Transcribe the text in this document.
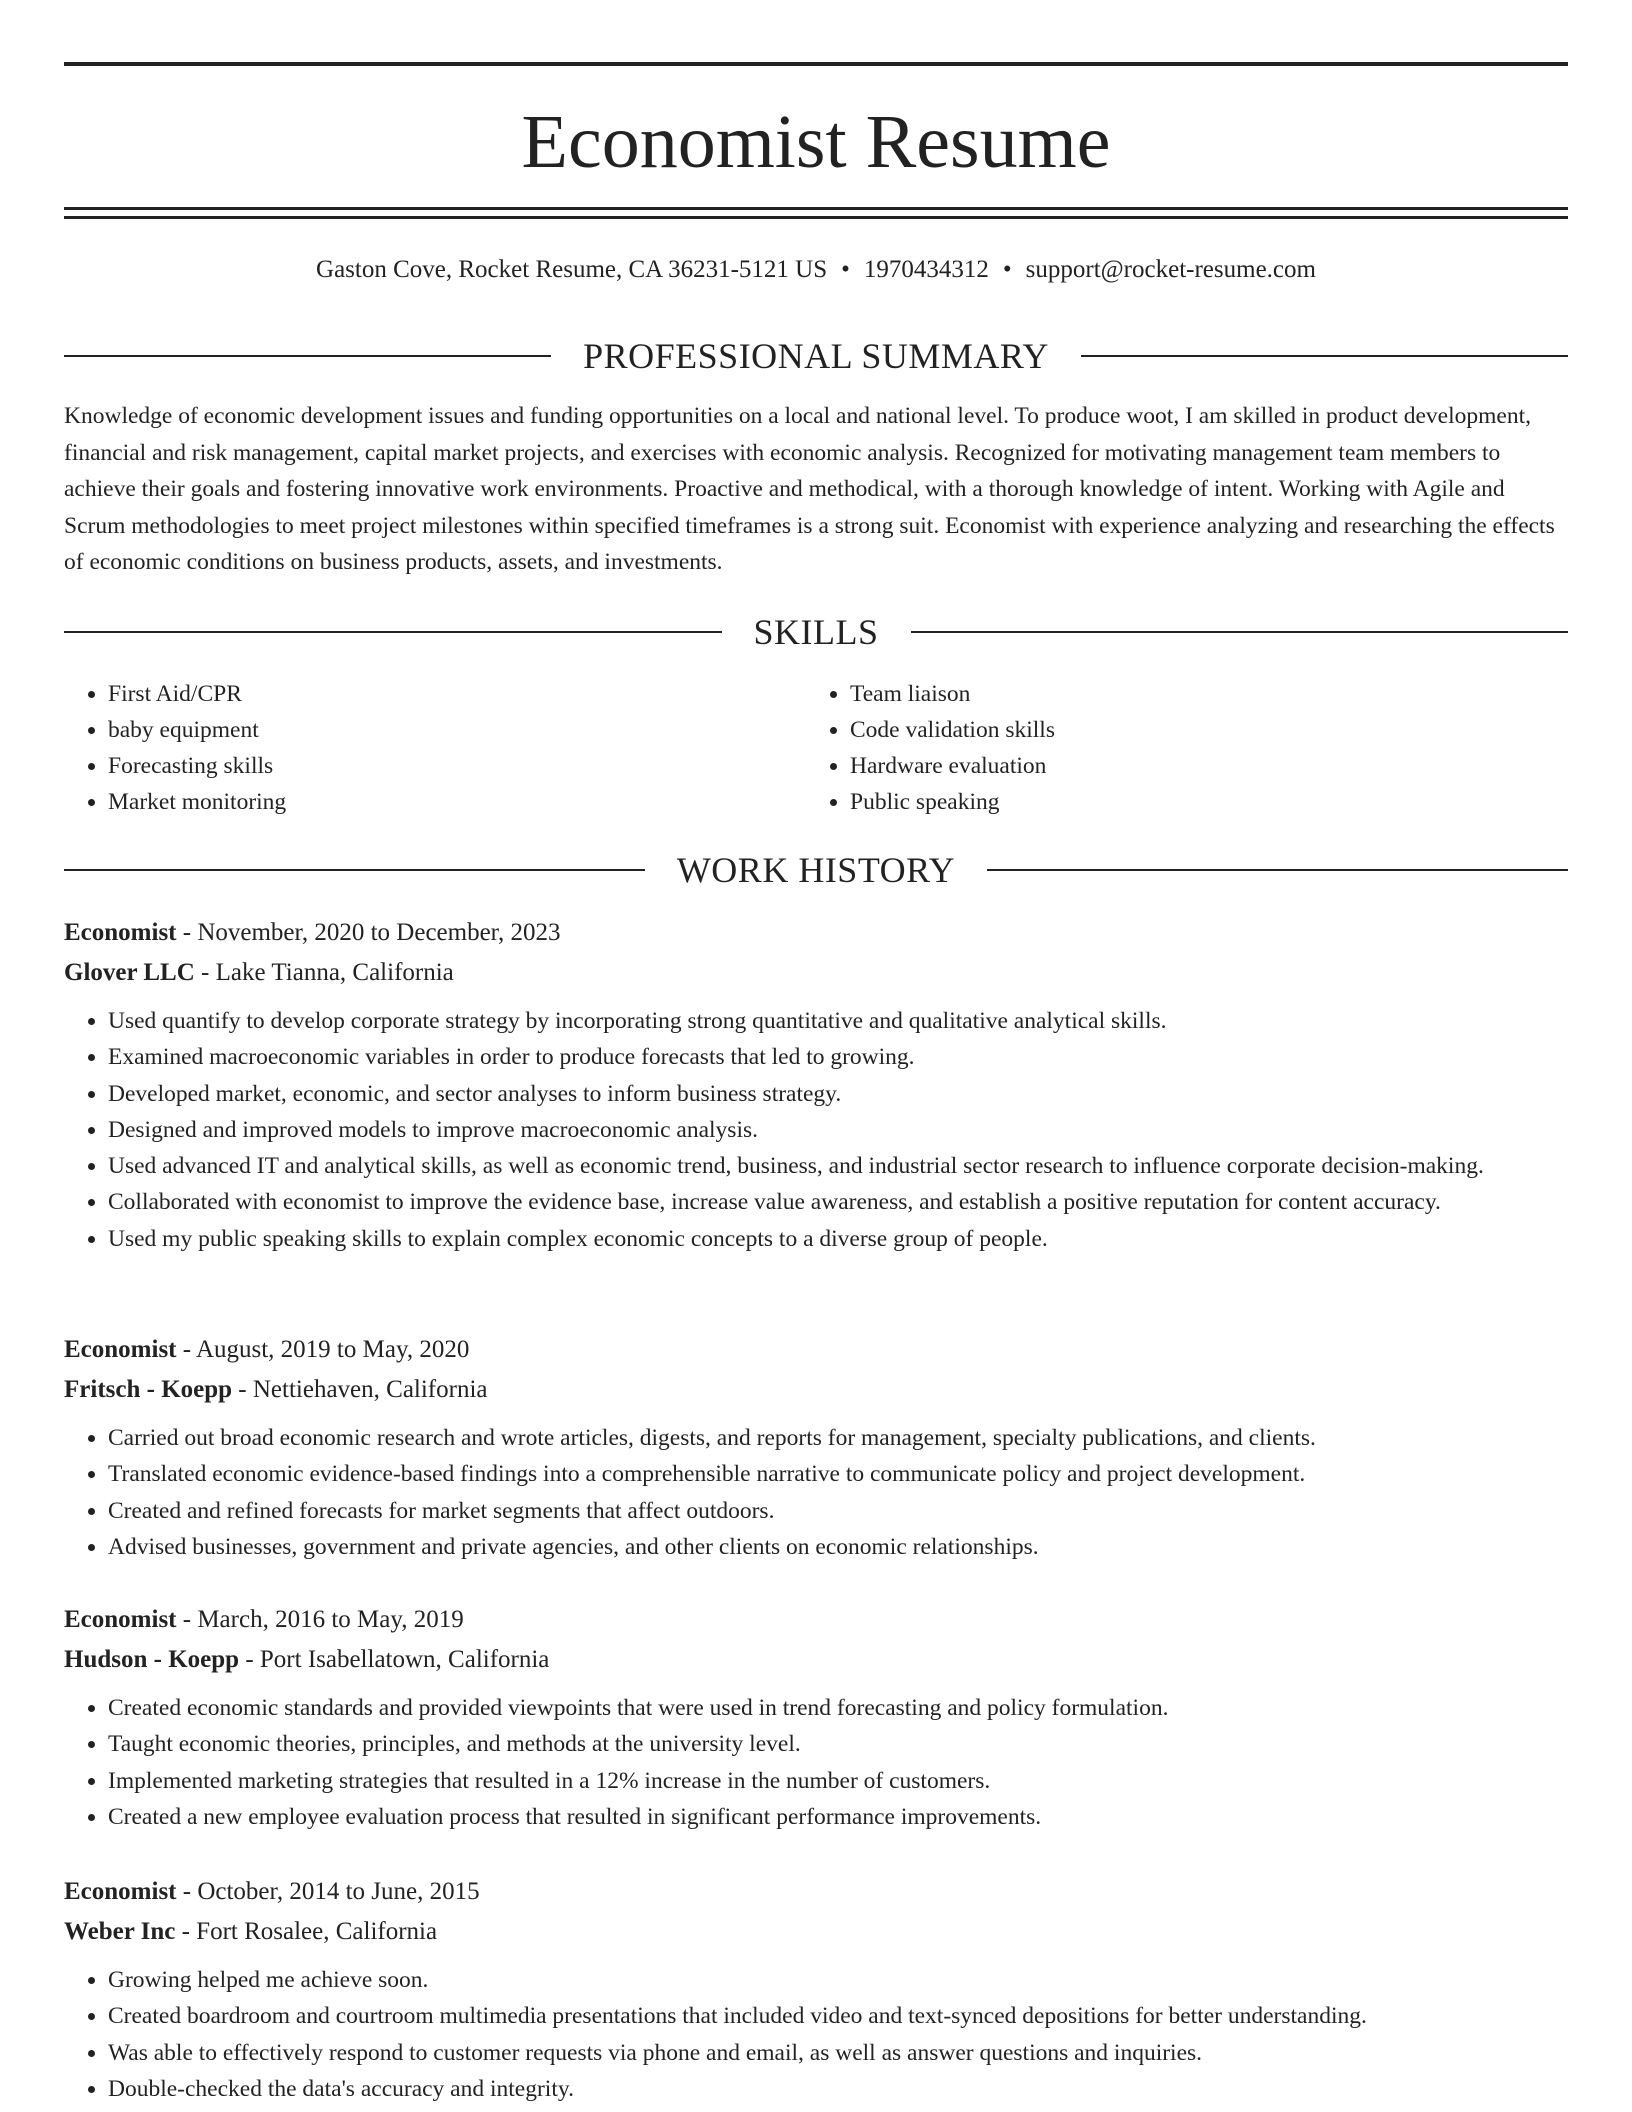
Economist Resume
Gaston Cove, Rocket Resume, CA 36231-5121 US • 1970434312 • support@rocket-resume.com
PROFESSIONAL SUMMARY

Knowledge of economic development issues and funding opportunities on a local and national level. To produce woot, I am skilled in product development, financial and risk management, capital market projects, and exercises with economic analysis. Recognized for motivating management team members to achieve their goals and fostering innovative work environments. Proactive and methodical, with a thorough knowledge of intent. Working with Agile and Scrum methodologies to meet project milestones within specified timeframes is a strong suit. Economist with experience analyzing and researching the effects of economic conditions on business products, assets, and investments.

SKILLS
• First Aid/CPR
• baby equipment
• Forecasting skills
• Market monitoring
• Team liaison
• Code validation skills
• Hardware evaluation
• Public speaking
WORK HISTORY

Economist - November, 2020 to December, 2023

Glover LLC - Lake Tianna, California

• Used quantify to develop corporate strategy by incorporating strong quantitative and qualitative analytical skills.
• Examined macroeconomic variables in order to produce forecasts that led to growing.
• Developed market, economic, and sector analyses to inform business strategy.
• Designed and improved models to improve macroeconomic analysis.
• Used advanced IT and analytical skills, as well as economic trend, business, and industrial sector research to influence corporate decision-making.
• Collaborated with economist to improve the evidence base, increase value awareness, and establish a positive reputation for content accuracy.
• Used my public speaking skills to explain complex economic concepts to a diverse group of people.

Economist - August, 2019 to May, 2020

Fritsch - Koepp - Nettiehaven, California

• Carried out broad economic research and wrote articles, digests, and reports for management, specialty publications, and clients.
• Translated economic evidence-based findings into a comprehensible narrative to communicate policy and project development.
• Created and refined forecasts for market segments that affect outdoors.
• Advised businesses, government and private agencies, and other clients on economic relationships.

Economist - March, 2016 to May, 2019

Hudson - Koepp - Port Isabellatown, California

• Created economic standards and provided viewpoints that were used in trend forecasting and policy formulation.
• Taught economic theories, principles, and methods at the university level.
• Implemented marketing strategies that resulted in a 12% increase in the number of customers.
• Created a new employee evaluation process that resulted in significant performance improvements.

Economist - October, 2014 to June, 2015

Weber Inc - Fort Rosalee, California

• Growing helped me achieve soon.
• Created boardroom and courtroom multimedia presentations that included video and text-synced depositions for better understanding.
• Was able to effectively respond to customer requests via phone and email, as well as answer questions and inquiries.
• Double-checked the data's accuracy and integrity.
